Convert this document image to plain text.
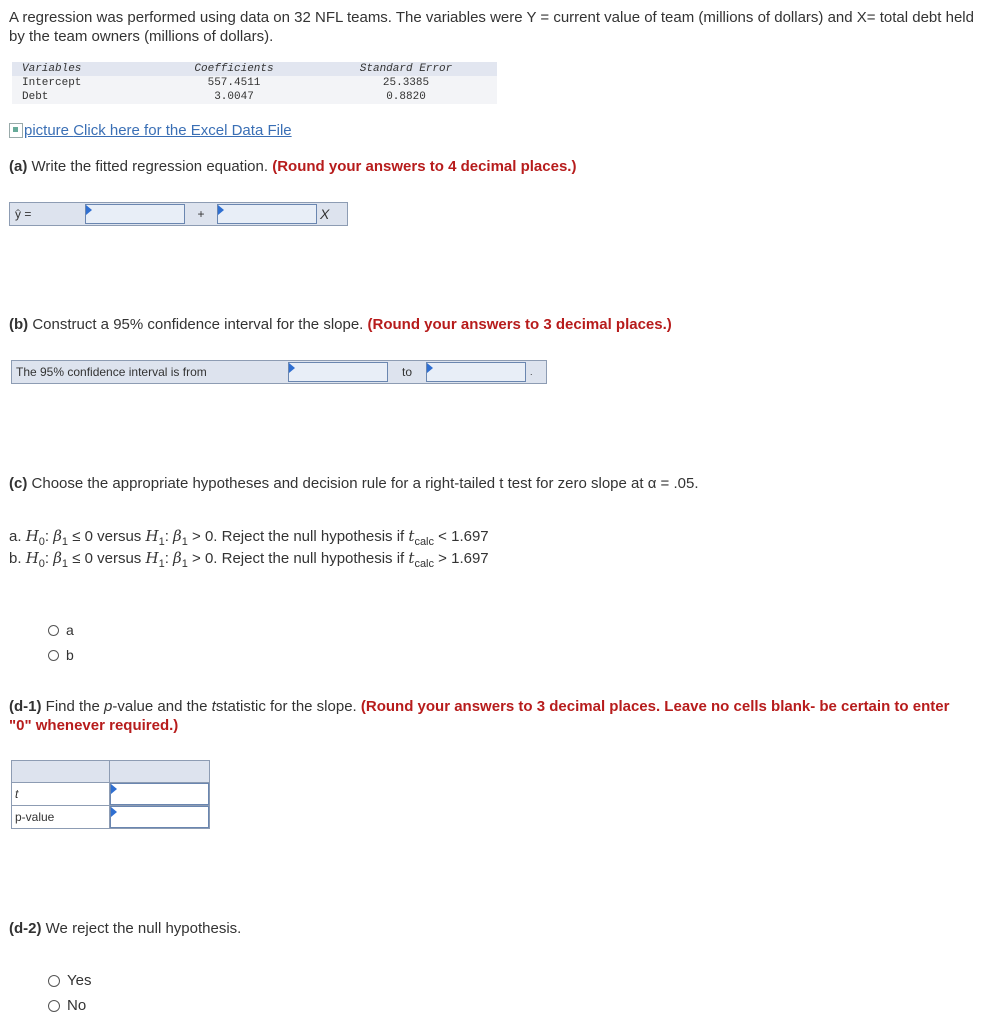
A regression was performed using data on 32 NFL teams. The variables were Y = current value of team (millions of dollars) and X= total debt held by the team owners (millions of dollars).
Variables	Coefficients	Standard Error
Intercept	557.4511	25.3385
Debt	3.0047	0.8820
picture
Click here for the Excel Data File
(a) Write the fitted regression equation. (Round your answers to 4 decimal places.)
ŷ =	+	X
(b) Construct a 95% confidence interval for the slope. (Round your answers to 3 decimal places.)
The 95% confidence interval is from	to	.
(c) Choose the appropriate hypotheses and decision rule for a right-tailed t test for zero slope at α = .05.
a. $H_0$: $\beta_1 \le 0$ versus $H_1$: $\beta_1 > 0$. Reject the null hypothesis if $t_{calc} < 1.697$
b. $H_0$: $\beta_1 \le 0$ versus $H_1$: $\beta_1 > 0$. Reject the null hypothesis if $t_{calc} > 1.697$
a
b
(d-1) Find the p-value and the tstatistic for the slope. (Round your answers to 3 decimal places. Leave no cells blank- be certain to enter "0" whenever required.)

t	

p-value	
(d-2) We reject the null hypothesis.
Yes
No
